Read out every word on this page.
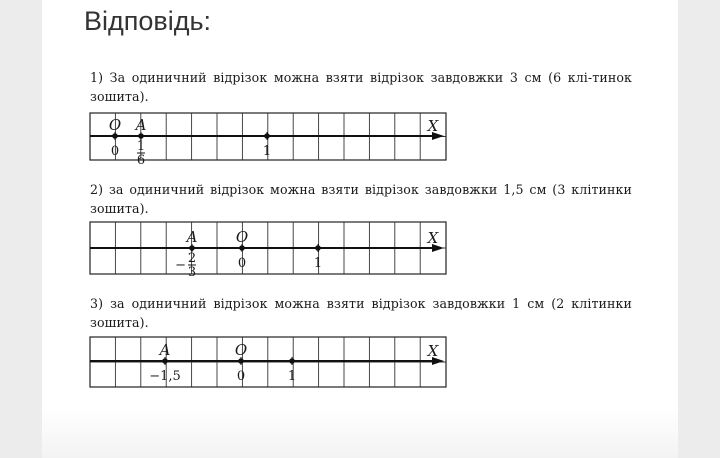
Відповідь:

1) За одиничний відрізок можна взяти відрізок завдовжки 3 см (6 клі-тинок зошита).

2) за одиничний відрізок можна взяти відрізок завдовжки 1,5 см (3 клітинки зошита).

3) за одиничний відрізок можна взяти відрізок завдовжки 1 см (2 клітинки зошита).

X
O
0
A
1
6
1
X
A
2
3
−
O
0	1
X
A
−1,5
O
0	1
